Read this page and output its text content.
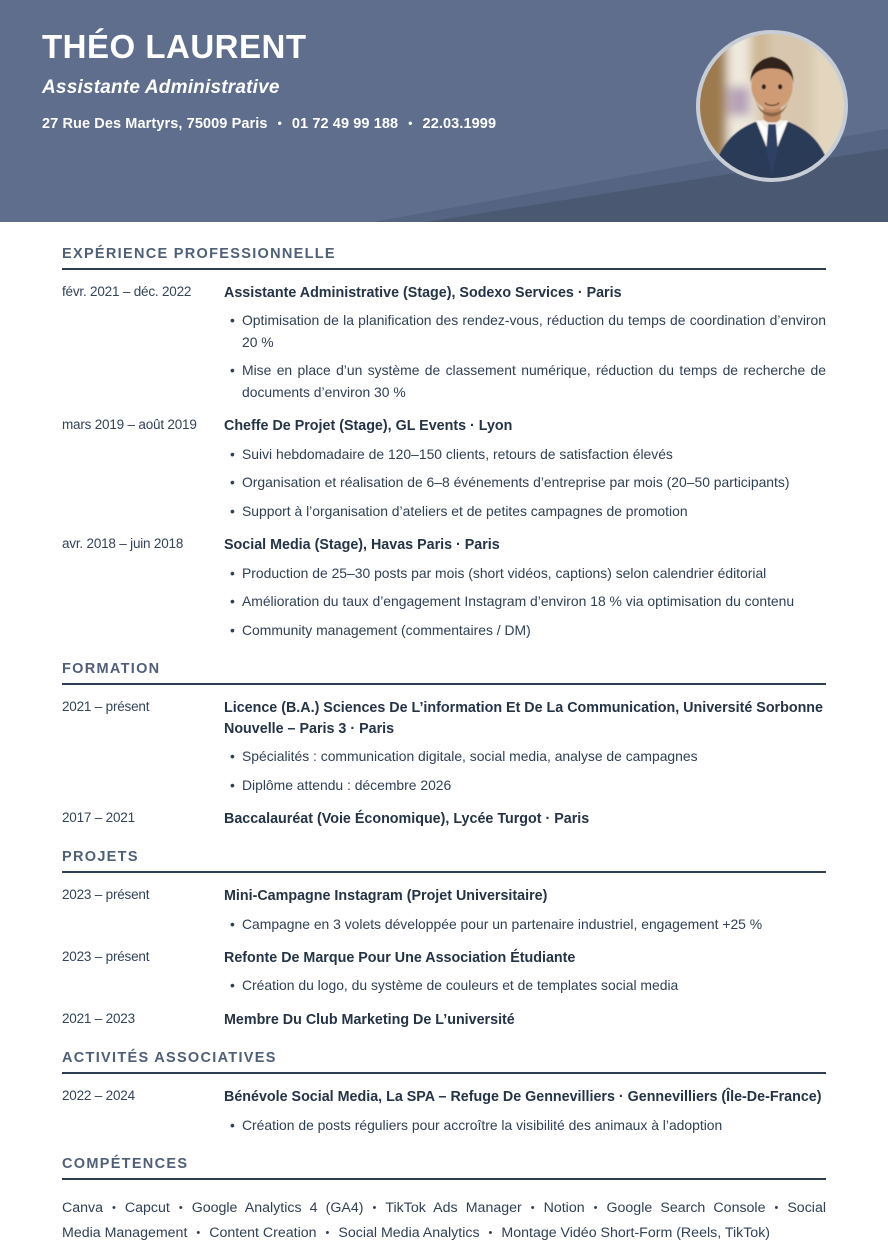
THÉO LAURENT
Assistante Administrative
27 Rue Des Martyrs, 75009 Paris • 01 72 49 99 188 • 22.03.1999
EXPÉRIENCE PROFESSIONNELLE
févr. 2021 – déc. 2022	Assistante Administrative (Stage), Sodexo Services · Paris
• Optimisation de la planification des rendez-vous, réduction du temps de coordination d’environ 20 %
• Mise en place d’un système de classement numérique, réduction du temps de recherche de documents d’environ 30 %
mars 2019 – août 2019	Cheffe De Projet (Stage), GL Events · Lyon
• Suivi hebdomadaire de 120–150 clients, retours de satisfaction élevés
• Organisation et réalisation de 6–8 événements d’entreprise par mois (20–50 participants)
• Support à l’organisation d’ateliers et de petites campagnes de promotion
avr. 2018 – juin 2018	Social Media (Stage), Havas Paris · Paris
• Production de 25–30 posts par mois (short vidéos, captions) selon calendrier éditorial
• Amélioration du taux d’engagement Instagram d’environ 18 % via optimisation du contenu
• Community management (commentaires / DM)
FORMATION
2021 – présent	Licence (B.A.) Sciences De L’information Et De La Communication, Université Sorbonne Nouvelle – Paris 3 · Paris
• Spécialités : communication digitale, social media, analyse de campagnes
• Diplôme attendu : décembre 2026
2017 – 2021	Baccalauréat (Voie Économique), Lycée Turgot · Paris
PROJETS
2023 – présent	Mini-Campagne Instagram (Projet Universitaire)
• Campagne en 3 volets développée pour un partenaire industriel, engagement +25 %
2023 – présent	Refonte De Marque Pour Une Association Étudiante
• Création du logo, du système de couleurs et de templates social media
2021 – 2023	Membre Du Club Marketing De L’université
ACTIVITÉS ASSOCIATIVES
2022 – 2024	Bénévole Social Media, La SPA – Refuge De Gennevilliers · Gennevilliers (Île-De-France)
• Création de posts réguliers pour accroître la visibilité des animaux à l’adoption
COMPÉTENCES

Canva • Capcut • Google Analytics 4 (GA4) • TikTok Ads Manager • Notion • Google Search Console • Social Media Management • Content Creation • Social Media Analytics • Montage Vidéo Short-Form (Reels, TikTok)
